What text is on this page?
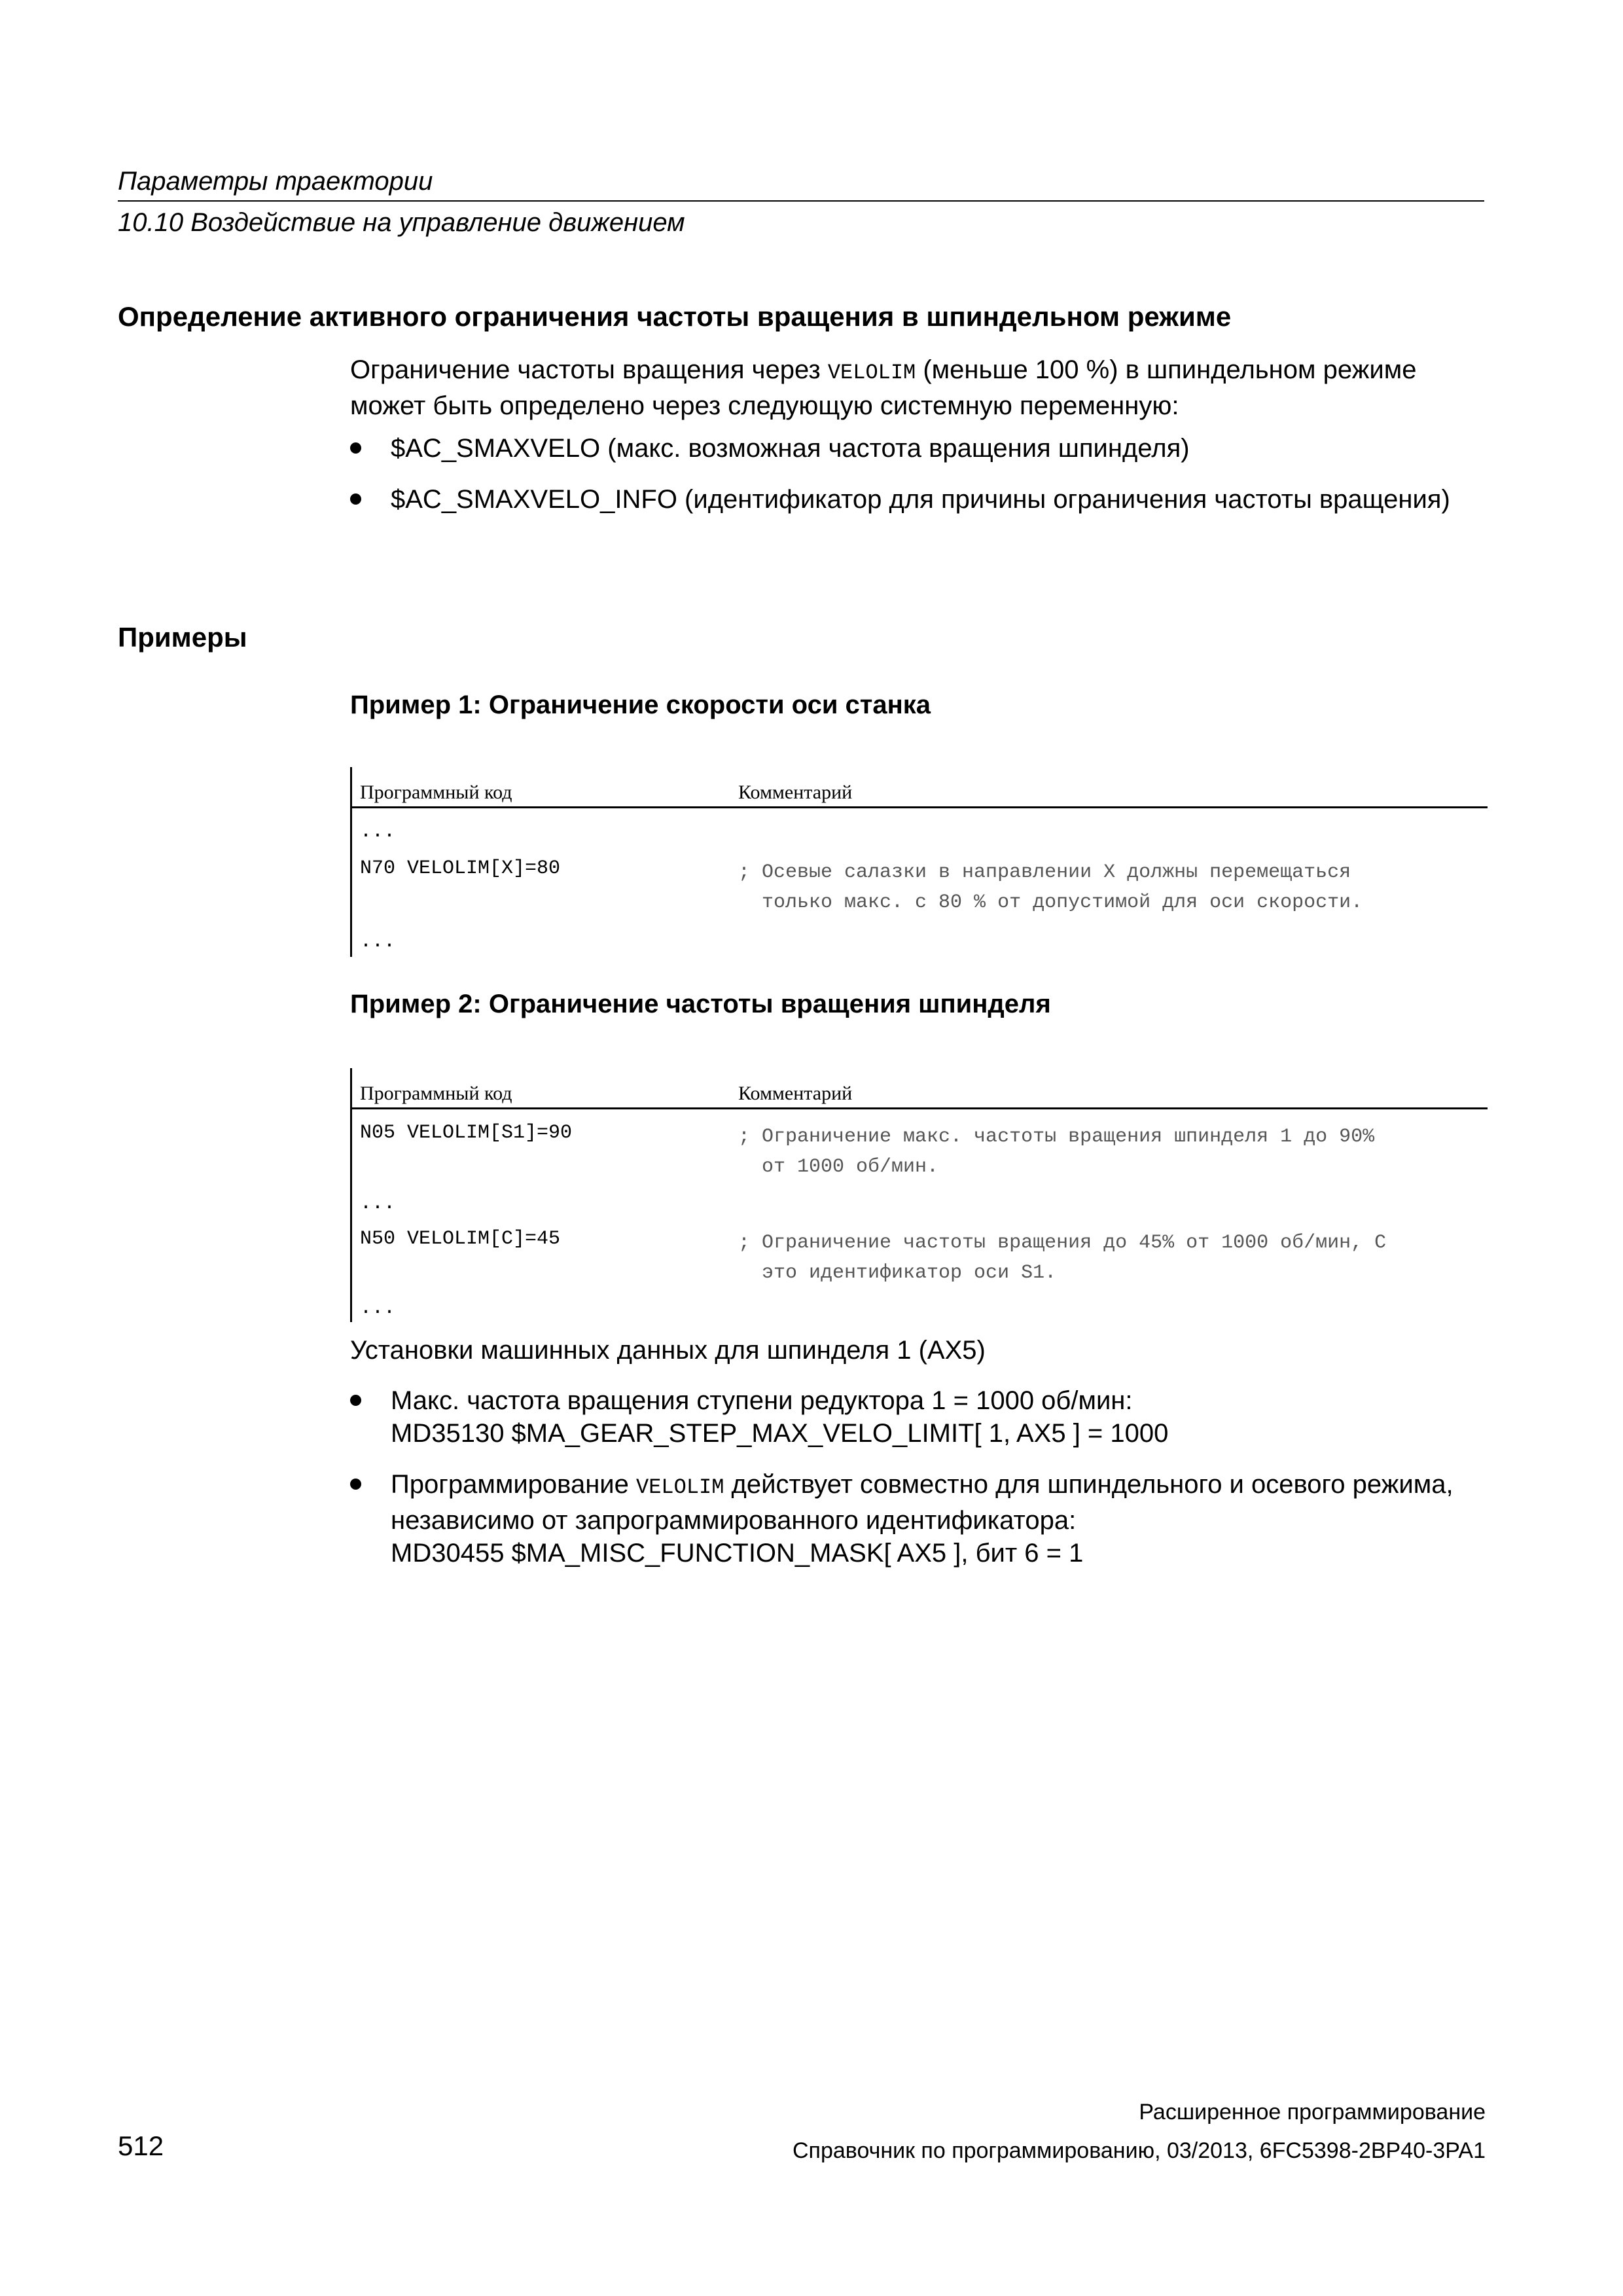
Параметры траектории
10.10 Воздействие на управление движением
Определение активного ограничения частоты вращения в шпиндельном режиме
Ограничение частоты вращения через VELOLIM (меньше 100 %) в шпиндельном режиме может быть определено через следующую системную переменную:
$AC_SMAXVELO (макс. возможная частота вращения шпинделя)
$AC_SMAXVELO_INFO (идентификатор для причины ограничения частоты вращения)
Примеры
Пример 1: Ограничение скорости оси станка
Программный код	Комментарий
...
N70 VELOLIM[X]=80	; Осевые салазки в направлении X должны перемещаться
только макс. с 80 % от допустимой для оси скорости.
...
Пример 2: Ограничение частоты вращения шпинделя
Программный код	Комментарий
N05 VELOLIM[S1]=90	; Ограничение макс. частоты вращения шпинделя 1 до 90%
от 1000 об/мин.
...
N50 VELOLIM[C]=45	; Ограничение частоты вращения до 45% от 1000 об/мин, C
это идентификатор оси S1.
...
Установки машинных данных для шпинделя 1 (AX5)
Макс. частота вращения ступени редуктора 1 = 1000 об/мин:
MD35130 $MA_GEAR_STEP_MAX_VELO_LIMIT[ 1, AX5 ] = 1000
Программирование VELOLIM действует совместно для шпиндельного и осевого режима, независимо от запрограммированного идентификатора:
MD30455 $MA_MISC_FUNCTION_MASK[ AX5 ], бит 6 = 1
Расширенное программирование
512	Справочник по программированию, 03/2013, 6FC5398-2BP40-3PA1
